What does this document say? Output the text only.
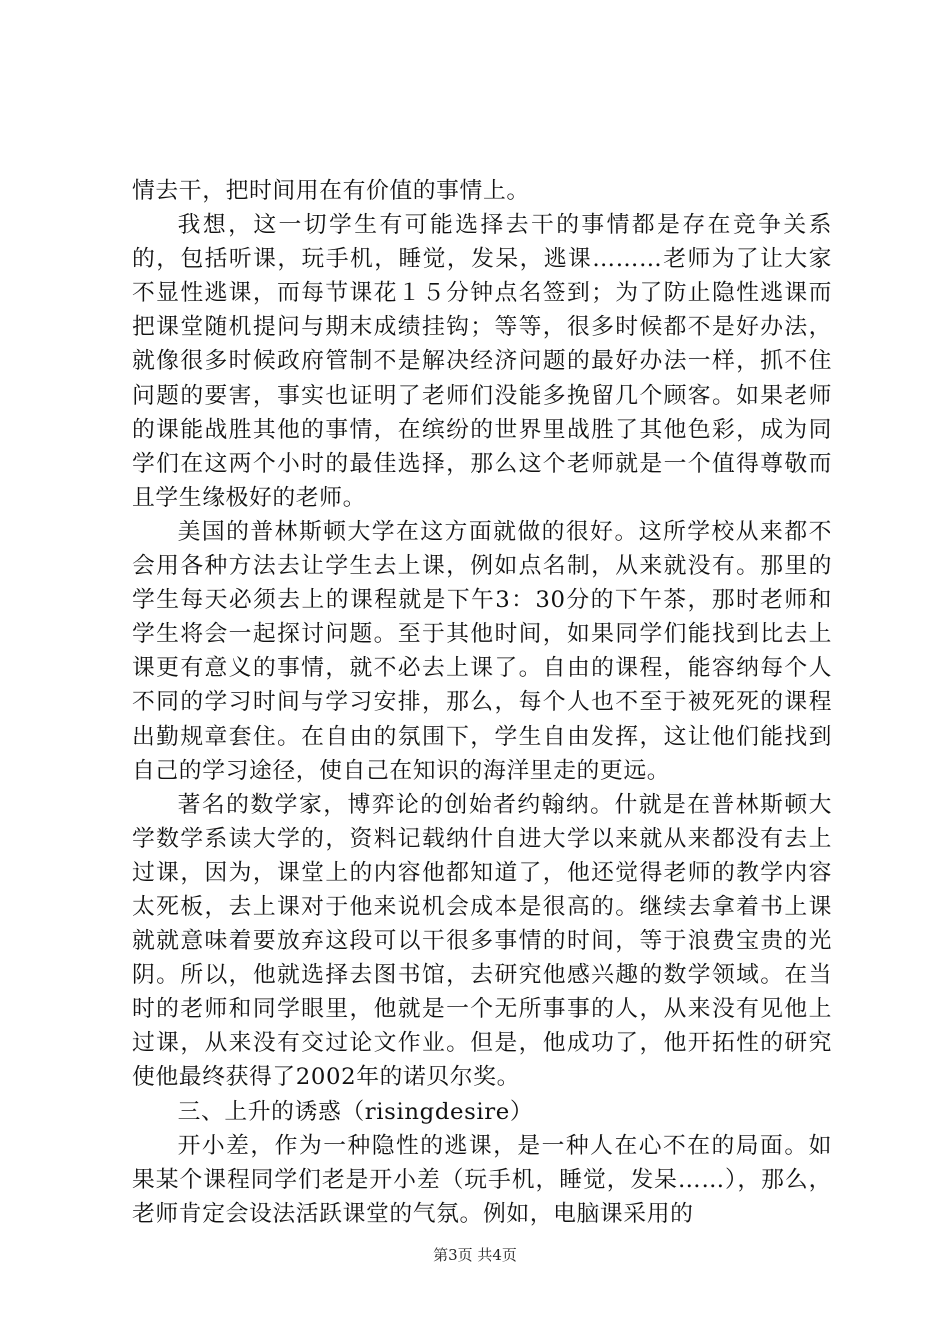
情去干，把时间用在有价值的事情上。

我想，这一切学生有可能选择去干的事情都是存在竞争关系的，包括听课，玩手机，睡觉，发呆，逃课………老师为了让大家不显性逃课，而每节课花１５分钟点名签到；为了防止隐性逃课而把课堂随机提问与期末成绩挂钩；等等，很多时候都不是好办法，就像很多时候政府管制不是解决经济问题的最好办法一样，抓不住问题的要害，事实也证明了老师们没能多挽留几个顾客。如果老师的课能战胜其他的事情，在缤纷的世界里战胜了其他色彩，成为同学们在这两个小时的最佳选择，那么这个老师就是一个值得尊敬而且学生缘极好的老师。

美国的普林斯顿大学在这方面就做的很好。这所学校从来都不会用各种方法去让学生去上课，例如点名制，从来就没有。那里的学生每天必须去上的课程就是下午3：30分的下午茶，那时老师和学生将会一起探讨问题。至于其他时间，如果同学们能找到比去上课更有意义的事情，就不必去上课了。自由的课程，能容纳每个人不同的学习时间与学习安排，那么，每个人也不至于被死死的课程出勤规章套住。在自由的氛围下，学生自由发挥，这让他们能找到自己的学习途径，使自己在知识的海洋里走的更远。

著名的数学家，博弈论的创始者约翰纳。什就是在普林斯顿大学数学系读大学的，资料记载纳什自进大学以来就从来都没有去上过课，因为，课堂上的内容他都知道了，他还觉得老师的教学内容太死板，去上课对于他来说机会成本是很高的。继续去拿着书上课就就意味着要放弃这段可以干很多事情的时间，等于浪费宝贵的光阴。所以，他就选择去图书馆，去研究他感兴趣的数学领域。在当时的老师和同学眼里，他就是一个无所事事的人，从来没有见他上过课，从来没有交过论文作业。但是，他成功了，他开拓性的研究使他最终获得了2002年的诺贝尔奖。

三、上升的诱惑（risingdesire）

开小差，作为一种隐性的逃课，是一种人在心不在的局面。如果某个课程同学们老是开小差（玩手机，睡觉，发呆……），那么，老师肯定会设法活跃课堂的气氛。例如，电脑课采用的

第3页 共4页
